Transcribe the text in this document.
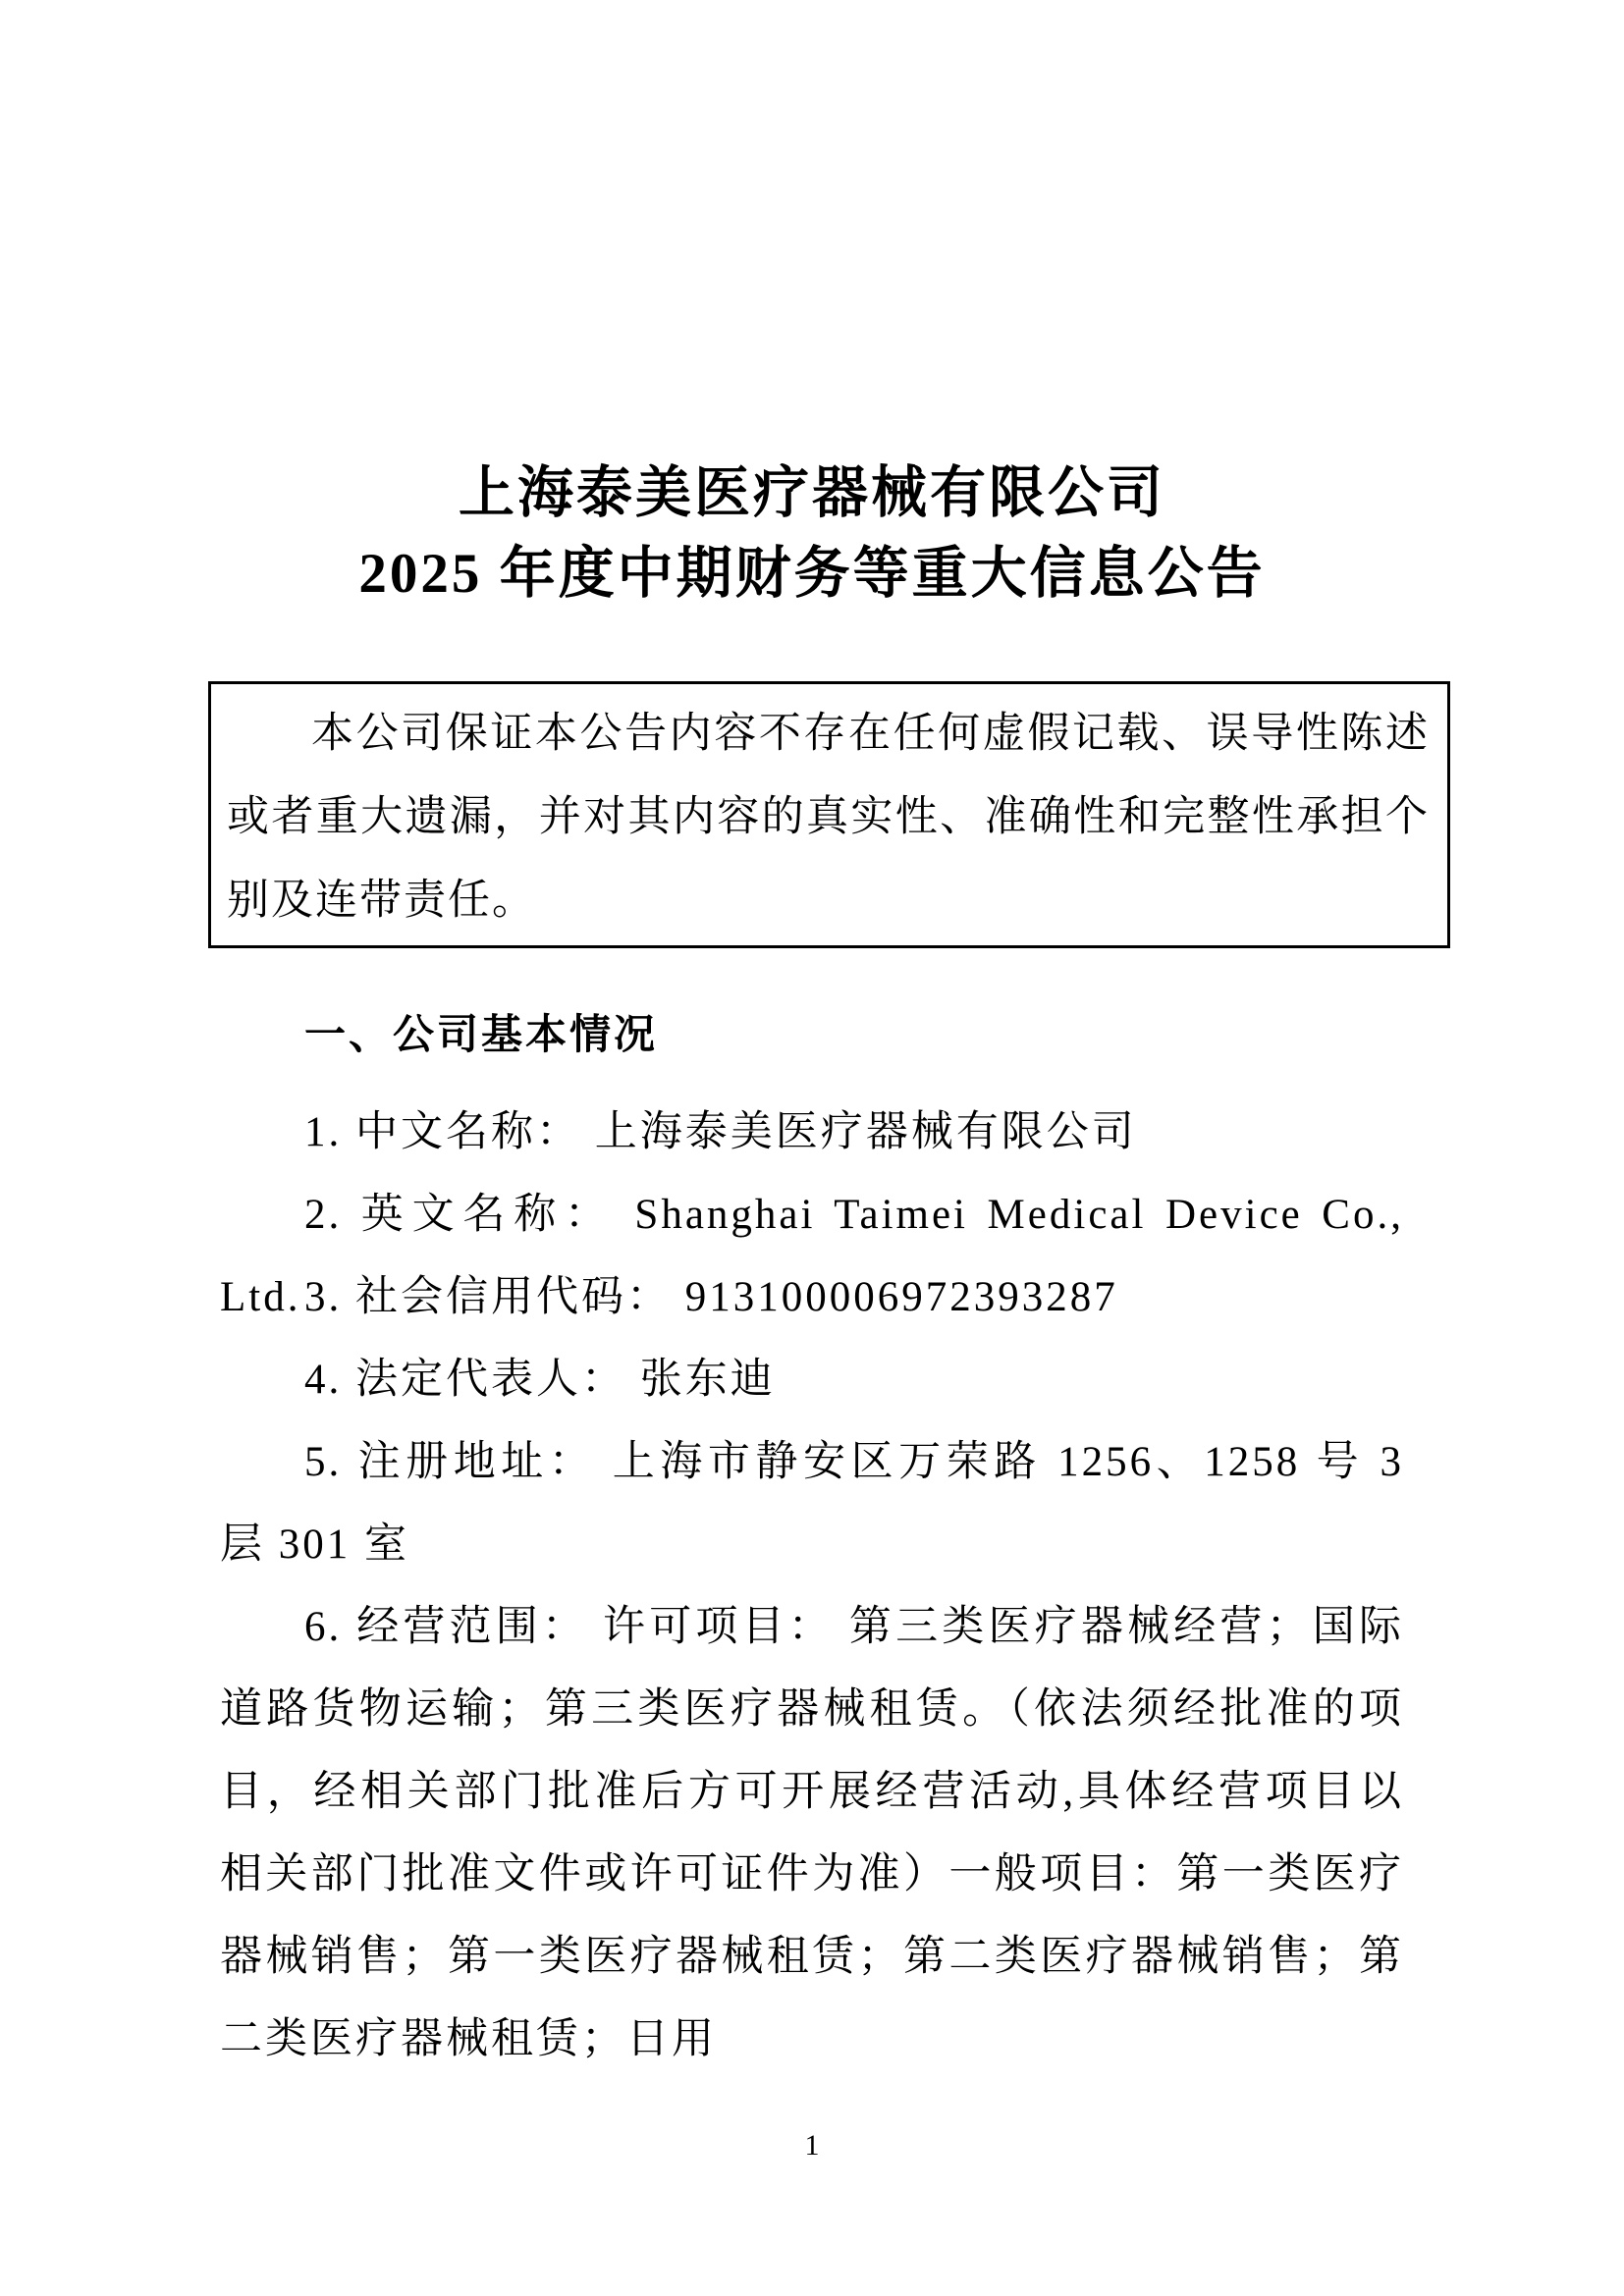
上海泰美医疗器械有限公司
2025 年度中期财务等重大信息公告

本公司保证本公告内容不存在任何虚假记载、误导性陈述或者重大遗漏，并对其内容的真实性、准确性和完整性承担个别及连带责任。

一、公司基本情况

1. 中文名称： 上海泰美医疗器械有限公司

2. 英文名称： Shanghai Taimei Medical Device Co., Ltd. 3. 社会信用代码： 913100006972393287

4. 法定代表人： 张东迪

5. 注册地址： 上海市静安区万荣路 1256、1258 号 3 层 301 室

6. 经营范围： 许可项目： 第三类医疗器械经营；国际道路货物运输；第三类医疗器械租赁。（依法须经批准的项目，经相关部门批准后方可开展经营活动,具体经营项目以相关部门批准文件或许可证件为准）一般项目：第一类医疗器械销售；第一类医疗器械租赁；第二类医疗器械销售；第二类医疗器械租赁；日用

1
